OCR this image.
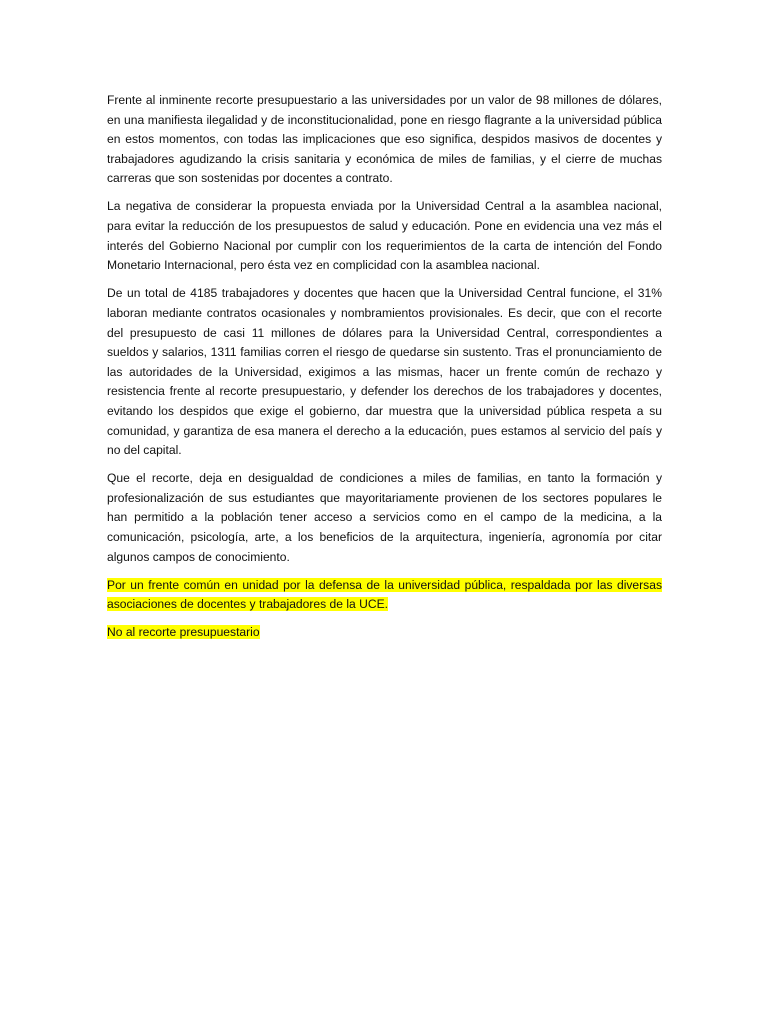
Frente al inminente recorte presupuestario a las universidades por un valor de 98 millones de dólares, en una manifiesta ilegalidad y de inconstitucionalidad, pone en riesgo flagrante a la universidad pública en estos momentos, con todas las implicaciones que eso significa, despidos masivos de docentes y trabajadores agudizando la crisis sanitaria y económica de miles de familias, y el cierre de muchas carreras que son sostenidas por docentes a contrato.

La negativa de considerar la propuesta enviada por la Universidad Central a la asamblea nacional, para evitar la reducción de los presupuestos de salud y educación. Pone en evidencia una vez más el interés del Gobierno Nacional por cumplir con los requerimientos de la carta de intención del Fondo Monetario Internacional, pero ésta vez en complicidad con la asamblea nacional.

De un total de 4185 trabajadores y docentes que hacen que la Universidad Central funcione, el 31% laboran mediante contratos ocasionales y nombramientos provisionales. Es decir, que con el recorte del presupuesto de casi 11 millones de dólares para la Universidad Central, correspondientes a sueldos y salarios, 1311 familias corren el riesgo de quedarse sin sustento. Tras el pronunciamiento de las autoridades de la Universidad, exigimos a las mismas, hacer un frente común de rechazo y resistencia frente al recorte presupuestario, y defender los derechos de los trabajadores y docentes, evitando los despidos que exige el gobierno, dar muestra que la universidad pública respeta a su comunidad, y garantiza de esa manera el derecho a la educación, pues estamos al servicio del país y no del capital.

Que el recorte, deja en desigualdad de condiciones a miles de familias, en tanto la formación y profesionalización de sus estudiantes que mayoritariamente provienen de los sectores populares le han permitido a la población tener acceso a servicios como en el campo de la medicina, a la comunicación, psicología, arte, a los beneficios de la arquitectura, ingeniería, agronomía por citar algunos campos de conocimiento.

Por un frente común en unidad por la defensa de la universidad pública, respaldada por las diversas asociaciones de docentes y trabajadores de la UCE.

No al recorte presupuestario
